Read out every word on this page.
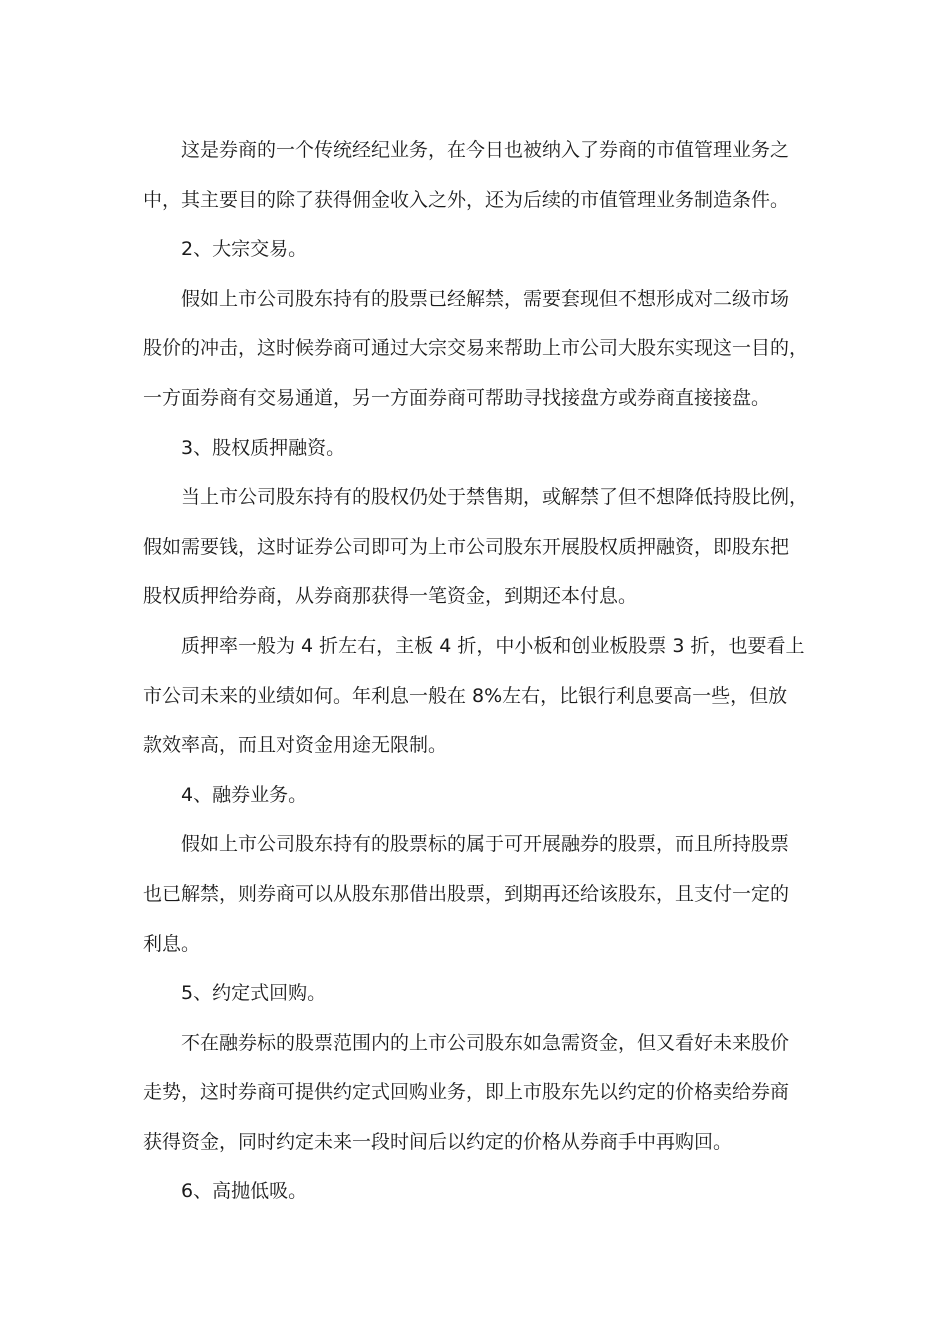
这是券商的一个传统经纪业务，在今日也被纳入了券商的市值管理业务之
中，其主要目的除了获得佣金收入之外，还为后续的市值管理业务制造条件。
2、大宗交易。
假如上市公司股东持有的股票已经解禁，需要套现但不想形成对二级市场
股价的冲击，这时候券商可通过大宗交易来帮助上市公司大股东实现这一目的，
一方面券商有交易通道，另一方面券商可帮助寻找接盘方或券商直接接盘。
3、股权质押融资。
当上市公司股东持有的股权仍处于禁售期，或解禁了但不想降低持股比例，
假如需要钱，这时证券公司即可为上市公司股东开展股权质押融资，即股东把
股权质押给券商，从券商那获得一笔资金，到期还本付息。
质押率一般为 4 折左右，主板 4 折，中小板和创业板股票 3 折，也要看上
市公司未来的业绩如何。年利息一般在 8%左右，比银行利息要高一些，但放
款效率高，而且对资金用途无限制。
4、融券业务。
假如上市公司股东持有的股票标的属于可开展融券的股票，而且所持股票
也已解禁，则券商可以从股东那借出股票，到期再还给该股东，且支付一定的
利息。
5、约定式回购。
不在融券标的股票范围内的上市公司股东如急需资金，但又看好未来股价
走势，这时券商可提供约定式回购业务，即上市股东先以约定的价格卖给券商
获得资金，同时约定未来一段时间后以约定的价格从券商手中再购回。
6、高抛低吸。
